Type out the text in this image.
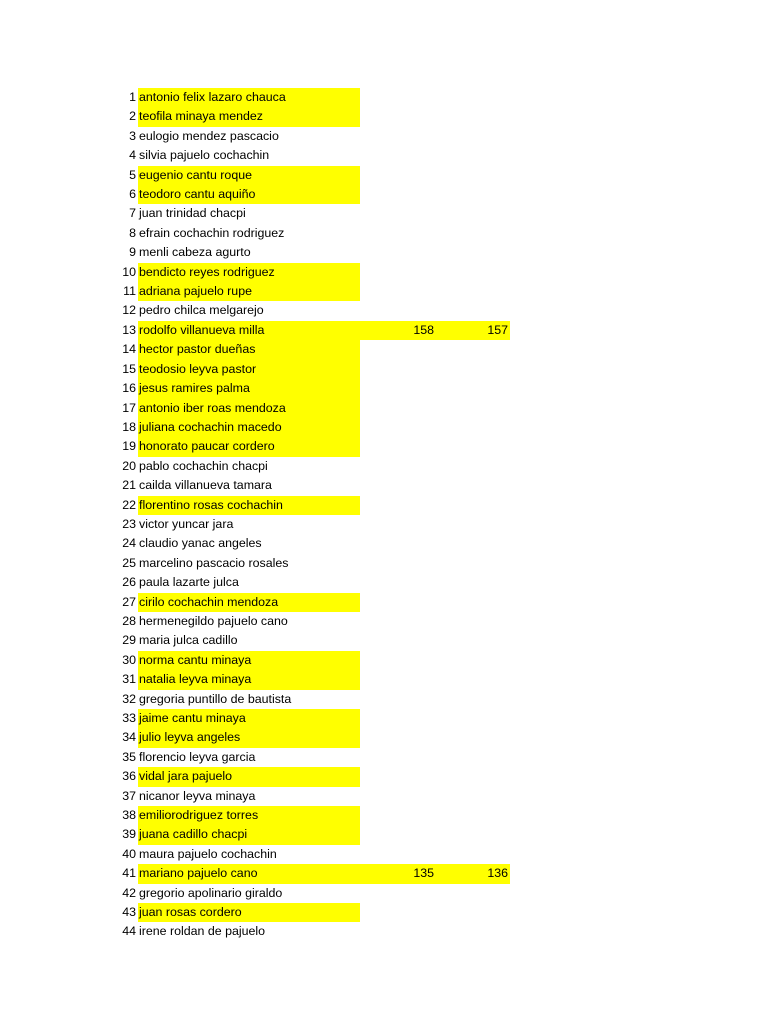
1 antonio felix lazaro chauca
2 teofila minaya mendez
3 eulogio mendez pascacio
4 silvia pajuelo cochachin
5 eugenio cantu roque
6 teodoro cantu aquiño
7 juan trinidad chacpi
8 efrain cochachin rodriguez
9 menli cabeza agurto
10 bendicto reyes rodriguez
11 adriana pajuelo rupe
12 pedro chilca melgarejo
13 rodolfo villanueva milla	158	157
14 hector pastor dueñas
15 teodosio leyva pastor
16 jesus ramires palma
17 antonio iber roas mendoza
18 juliana cochachin macedo
19 honorato paucar cordero
20 pablo cochachin chacpi
21 cailda villanueva tamara
22 florentino rosas cochachin
23 victor yuncar jara
24 claudio yanac angeles
25 marcelino pascacio rosales
26 paula lazarte julca
27 cirilo cochachin mendoza
28 hermenegildo pajuelo cano
29 maria julca cadillo
30 norma cantu minaya
31 natalia leyva minaya
32 gregoria puntillo de bautista
33 jaime cantu minaya
34 julio leyva angeles
35 florencio leyva garcia
36 vidal jara pajuelo
37 nicanor leyva minaya
38 emiliorodriguez torres
39 juana cadillo chacpi
40 maura pajuelo cochachin
41 mariano pajuelo cano	135	136
42 gregorio apolinario giraldo
43 juan rosas cordero
44 irene roldan de pajuelo
